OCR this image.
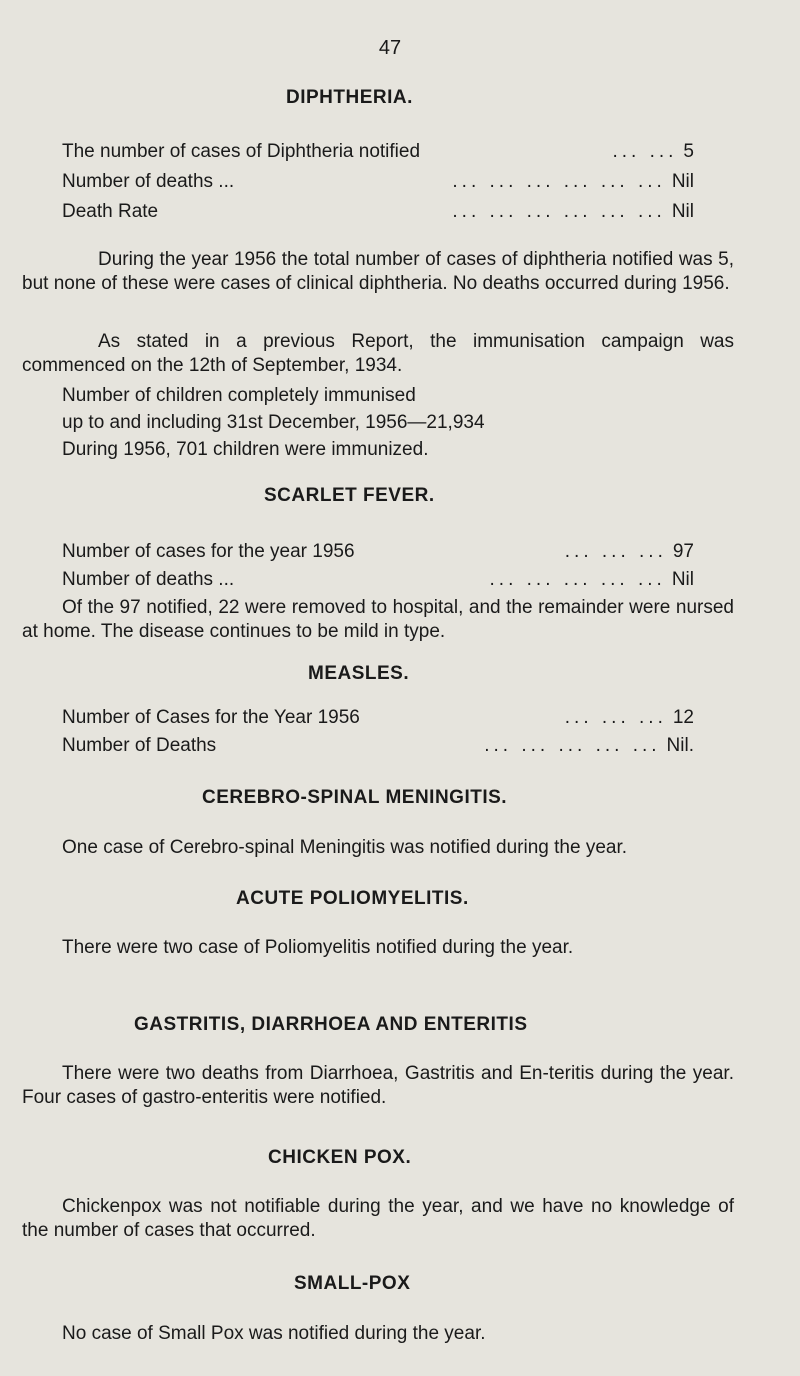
47
DIPHTHERIA.
The number of cases of Diphtheria notified	... ... 5
Number of deaths ...	... ... ... ... ... ... Nil
Death Rate	... ... ... ... ... ... Nil
During the year 1956 the total number of cases of diphtheria notified was 5, but none of these were cases of clinical diphtheria. No deaths occurred during 1956.
As stated in a previous Report, the immunisation campaign was commenced on the 12th of September, 1934.
Number of children completely immunised
up to and including 31st December, 1956—21,934
During 1956, 701 children were immunized.
SCARLET FEVER.
Number of cases for the year 1956	... ... ... 97
Number of deaths ...	... ... ... ... ... Nil
Of the 97 notified, 22 were removed to hospital, and the remainder were nursed at home. The disease continues to be mild in type.
MEASLES.
Number of Cases for the Year 1956	... ... ... 12
Number of Deaths	... ... ... ... ... Nil.
CEREBRO-SPINAL MENINGITIS.
One case of Cerebro-spinal Meningitis was notified during the year.
ACUTE POLIOMYELITIS.
There were two case of Poliomyelitis notified during the year.
GASTRITIS, DIARRHOEA AND ENTERITIS
There were two deaths from Diarrhoea, Gastritis and En-teritis during the year. Four cases of gastro-enteritis were notified.
CHICKEN POX.
Chickenpox was not notifiable during the year, and we have no knowledge of the number of cases that occurred.
SMALL-POX
No case of Small Pox was notified during the year.
